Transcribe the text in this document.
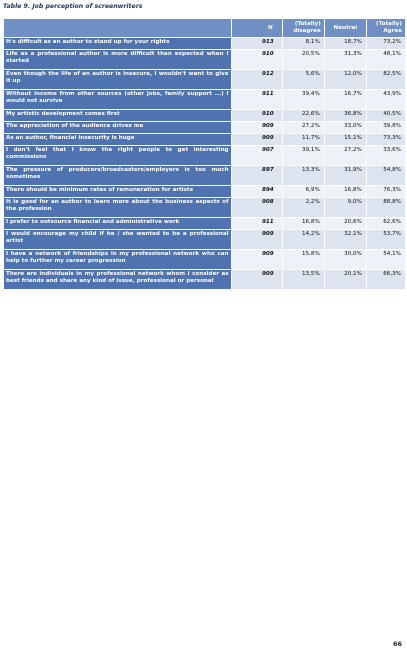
Table 9. Job perception of screenwriters
	N	(Totally) disagree	Neutral	(Totally) Agree
It's difficult as an author to stand up for your rights	913	8,1%	18,7%	73,2%
Life as a professional author is more difficult than expected when I started	910	20,5%	31,3%	48,1%
Even though the life of an author is insecure, I wouldn't want to give it up	912	5,6%	12,0%	82,5%
Without income from other sources (other jobs, family support ...) I would not survive	911	39,4%	16,7%	43,9%
My artistic development comes first	910	22,6%	36,8%	40,5%
The appreciation of the audience drives me	909	27,2%	33,0%	39,8%
As an author, financial insecurity is huge	909	11,7%	15,1%	73,3%
I don't feel that I know the right people to get interesting commissions	907	39,1%	27,2%	33,6%
The pressure of producers/broadcasters/employers is too much sometimes	897	13,3%	31,9%	54,8%
There should be minimum rates of remuneration for artists	894	6,9%	16,8%	76,3%
It is good for an author to learn more about the business aspects of the profession	908	2,2%	9,0%	88,8%
I prefer to outsource financial and administrative work	911	16,8%	20,6%	62,6%
I would encourage my child if he / she wanted to be a professional artist	909	14,2%	32,1%	53,7%
I have a network of friendships in my professional network who can help to further my career progression	909	15,8%	30,0%	54,1%
There are individuals in my professional network whom I consider as best friends and share any kind of issue, professional or personal	909	13,5%	20,1%	66,3%
66
